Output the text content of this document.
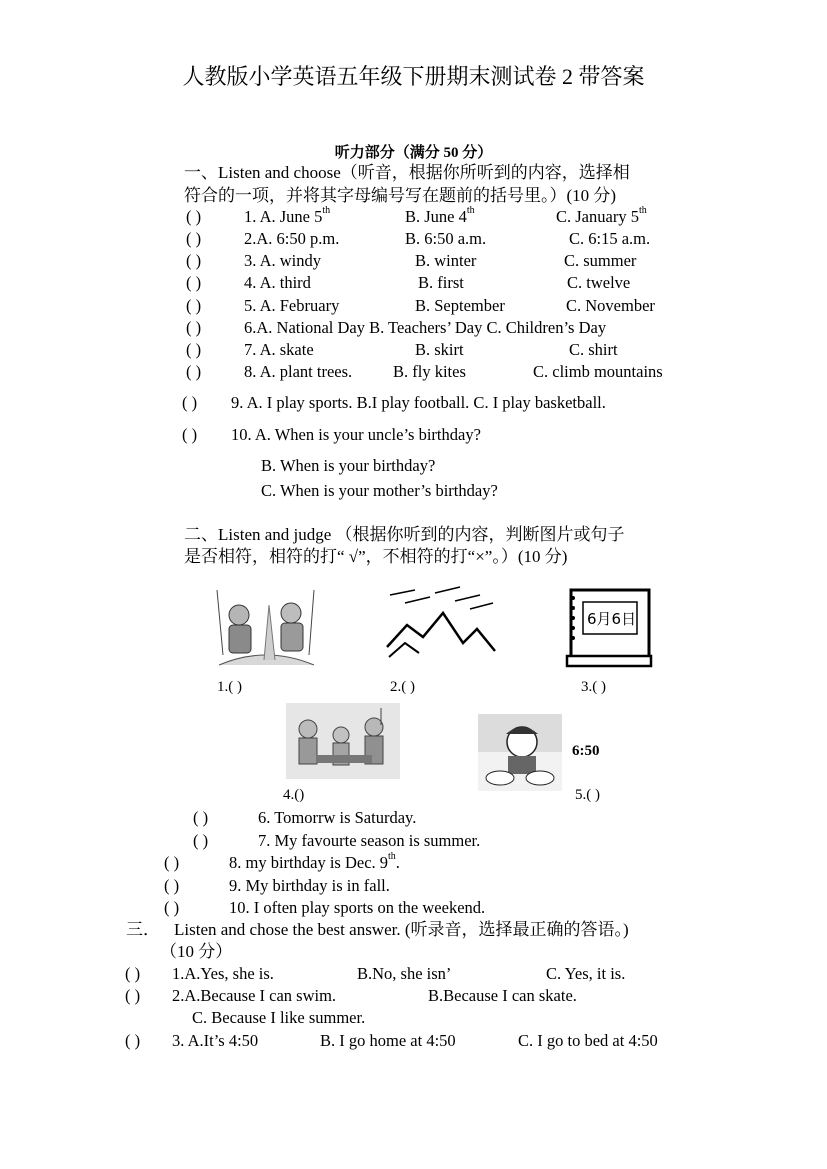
人教版小学英语五年级下册期末测试卷 2 带答案
听力部分（满分 50 分）
一、Listen and choose（听音，根据你所听到的内容，选择相
符合的一项，并将其字母编号写在题前的括号里。）(10 分)
( )	1. A. June 5th	B. June 4th	C. January 5th
( )	2.A. 6:50 p.m.	B. 6:50 a.m.	C. 6:15 a.m.
( )	3. A. windy	B. winter	C. summer
( )	4. A. third	B. first	C. twelve
( )	5. A. February	B. September	C. November
( )	6.A. National Day B. Teachers’ Day C. Children’s Day
( )	7. A. skate	B. skirt	C. shirt
( )	8. A. plant trees. B. fly kites	C. climb mountains
( ) 9. A. I play sports. B.I play football. C. I play basketball.
( ) 10. A. When is your uncle’s birthday?
B. When is your birthday?
C. When is your mother’s birthday?
二、Listen and judge （根据你听到的内容，判断图片或句子
是否相符，相符的打“ √”，不相符的打“×”。）(10 分)
6月6日
1.( )	2.( )	3.( )
6:50
4.()	5.( )
( )	6. Tomorrw is Saturday.
( )	7. My favourte season is summer.
( )	8. my birthday is Dec. 9th.
( )	9. My birthday is in fall.
( )	10. I often play sports on the weekend.
三． Listen and chose the best answer. (听录音，选择最正确的答语。)
（10 分）
( ) 1.A.Yes, she is.	B.No, she isn’	C. Yes, it is.
( ) 2.A.Because I can swim.	B.Because I can skate.
C. Because I like summer.
( ) 3. A.It’s 4:50	B. I go home at 4:50	C. I go to bed at 4:50
